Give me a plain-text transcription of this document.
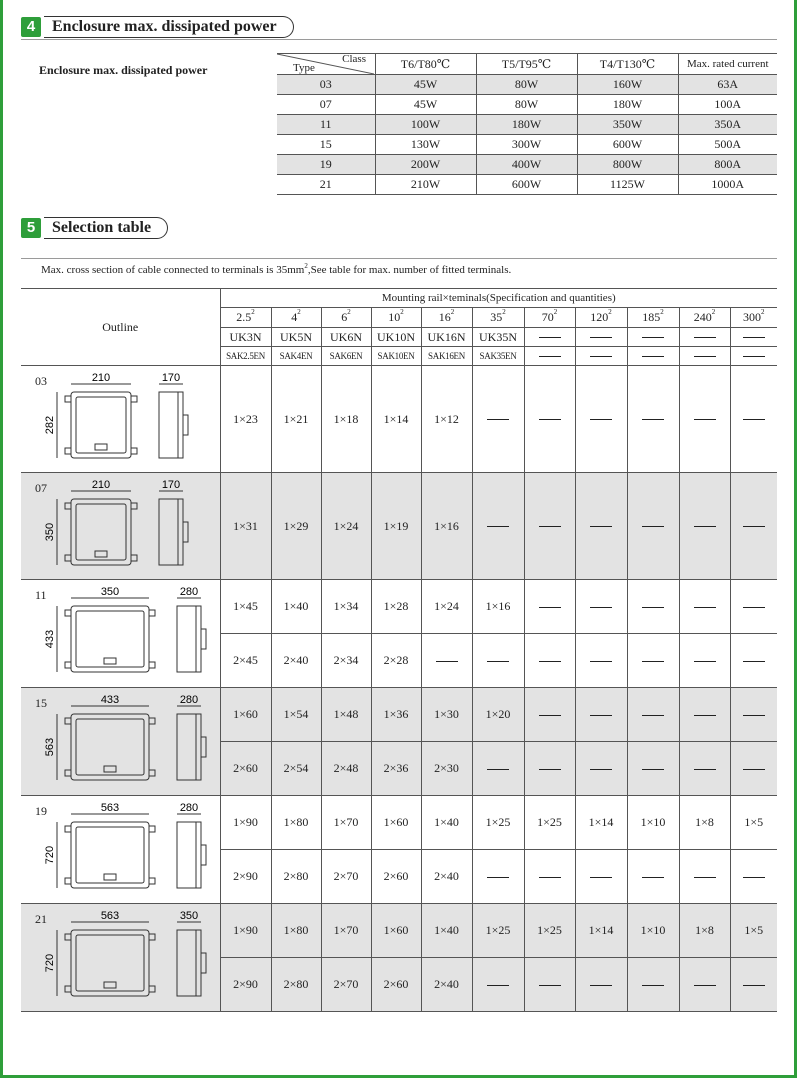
4	Enclosure max. dissipated power
Enclosure max. dissipated power
Class
Type	T6/T80℃	T5/T95℃	T4/T130℃	Max. rated current
03	45W	80W	160W	63A
07	45W	80W	180W	100A
11	100W	180W	350W	350A
15	130W	300W	600W	500A
19	200W	400W	800W	800A
21	210W	600W	1125W	1000A
5	Selection table
Max. cross section of cable connected to terminals is $35mm^2,See$ table for max. number of fitted terminals.
Outline	Mounting rail×teminals(Specification and quantities)										
	$2.5^2$	$4^2$	$6^2$	$10^2$	$16^2$	$35^2$	$70^2$	$120^2$	$185^2$	$240^2$	$300^2$
	UK3N	UK5N	UK6N	UK10N	UK16N	UK35N					
	SAK2.5EN	SAK4EN	SAK6EN	SAK10EN	SAK16EN	SAK35EN					

03 210 170
282	1×23	1×21	1×18	1×14	1×12						

07 210 170
350	1×31	1×29	1×24	1×19	1×16						

11 350 280
433	1×45	1×40	1×34	1×28	1×24	1×16					
	2×45	2×40	2×34	2×28							

15 433 280
563	1×60	1×54	1×48	1×36	1×30	1×20					
	2×60	2×54	2×48	2×36	2×30						

19 563 280
720	1×90	1×80	1×70	1×60	1×40	1×25	1×25	1×14	1×10	1×8	1×5
	2×90	2×80	2×70	2×60	2×40						

21 563 350
720	1×90	1×80	1×70	1×60	1×40	1×25	1×25	1×14	1×10	1×8	1×5
	2×90	2×80	2×70	2×60	2×40						
